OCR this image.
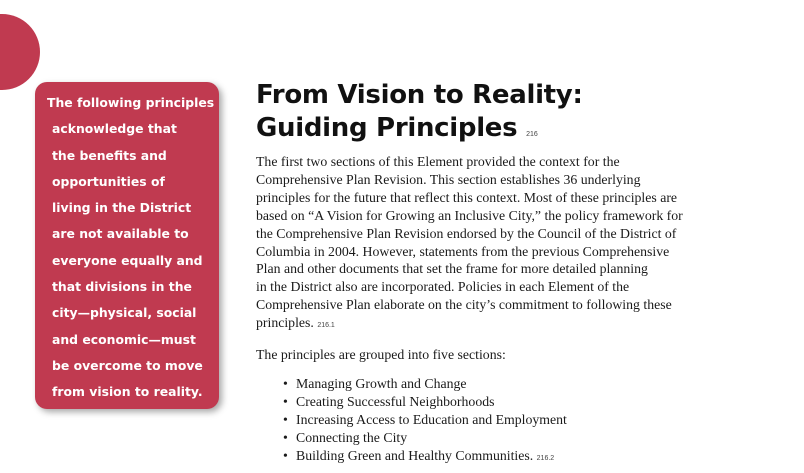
The following principles
acknowledge that
the benefits and
opportunities of
living in the District
are not available to
everyone equally and
that divisions in the
city—physical, social
and economic—must
be overcome to move
from vision to reality.

From Vision to Reality:
Guiding Principles 216

The first two sections of this Element provided the context for the
Comprehensive Plan Revision. This section establishes 36 underlying
principles for the future that reflect this context. Most of these principles are
based on “A Vision for Growing an Inclusive City,” the policy framework for
the Comprehensive Plan Revision endorsed by the Council of the District of
Columbia in 2004. However, statements from the previous Comprehensive
Plan and other documents that set the frame for more detailed planning
in the District also are incorporated. Policies in each Element of the
Comprehensive Plan elaborate on the city’s commitment to following these
principles. 216.1

The principles are grouped into five sections:

• Managing Growth and Change
• Creating Successful Neighborhoods
• Increasing Access to Education and Employment
• Connecting the City
• Building Green and Healthy Communities. 216.2
